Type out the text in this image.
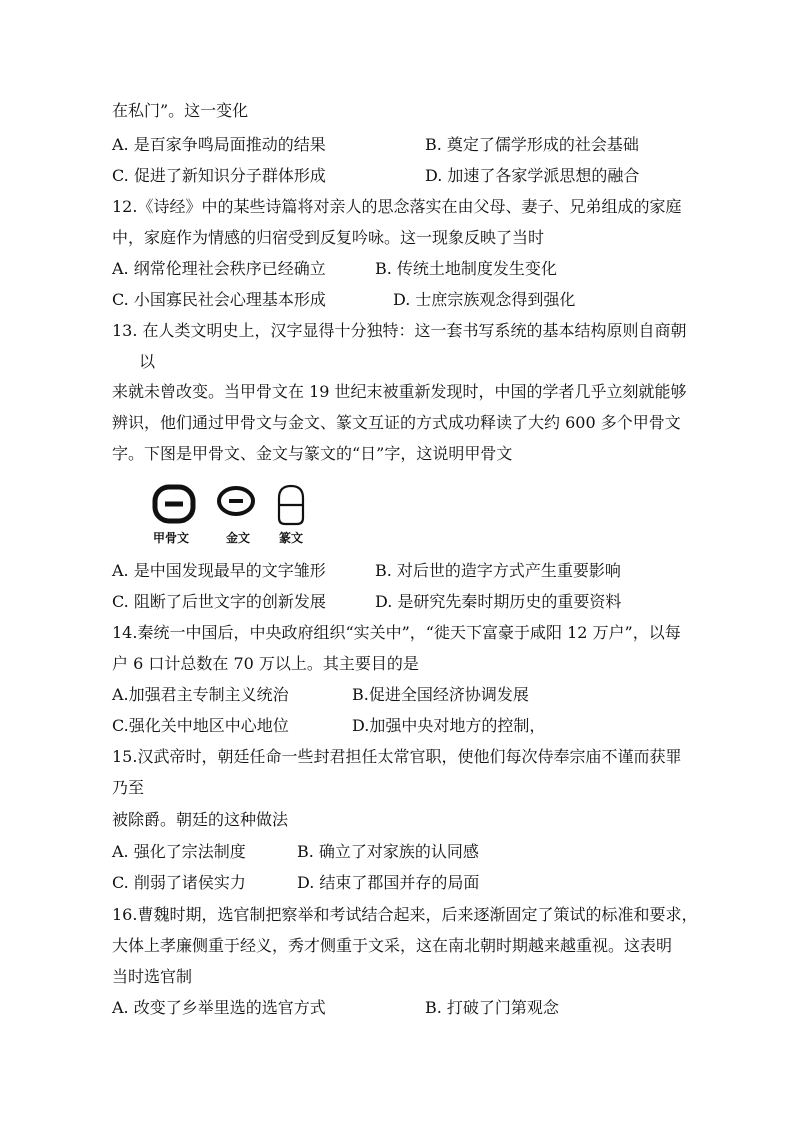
在私门”。这一变化
A. 是百家争鸣局面推动的结果	B. 奠定了儒学形成的社会基础
C. 促进了新知识分子群体形成	D. 加速了各家学派思想的融合
12.《诗经》中的某些诗篇将对亲人的思念落实在由父母、妻子、兄弟组成的家庭
中，家庭作为情感的归宿受到反复吟咏。这一现象反映了当时
A. 纲常伦理社会秩序已经确立	B. 传统土地制度发生变化
C. 小国寡民社会心理基本形成	D. 士庶宗族观念得到强化
13. 在人类文明史上，汉字显得十分独特：这一套书写系统的基本结构原则自商朝
以
来就未曾改变。当甲骨文在 19 世纪末被重新发现时，中国的学者几乎立刻就能够
辨识，他们通过甲骨文与金文、篆文互证的方式成功释读了大约 600 多个甲骨文
字。下图是甲骨文、金文与篆文的“日”字，这说明甲骨文
甲骨文	金文 篆文
A. 是中国发现最早的文字雏形	B. 对后世的造字方式产生重要影响
C. 阻断了后世文字的创新发展	D. 是研究先秦时期历史的重要资料
14.秦统一中国后，中央政府组织“实关中”，“徙天下富豪于咸阳 12 万户”，以每
户 6 口计总数在 70 万以上。其主要目的是
A.加强君主专制主义统治	B.促进全国经济协调发展
C.强化关中地区中心地位	D.加强中央对地方的控制，
15.汉武帝时，朝廷任命一些封君担任太常官职，使他们每次侍奉宗庙不谨而获罪
乃至
被除爵。朝廷的这种做法
A. 强化了宗法制度	B. 确立了对家族的认同感
C. 削弱了诸侯实力	D. 结束了郡国并存的局面
16.曹魏时期，选官制把察举和考试结合起来，后来逐渐固定了策试的标准和要求，
大体上孝廉侧重于经义，秀才侧重于文采，这在南北朝时期越来越重视。这表明
当时选官制
A. 改变了乡举里选的选官方式	B. 打破了门第观念
